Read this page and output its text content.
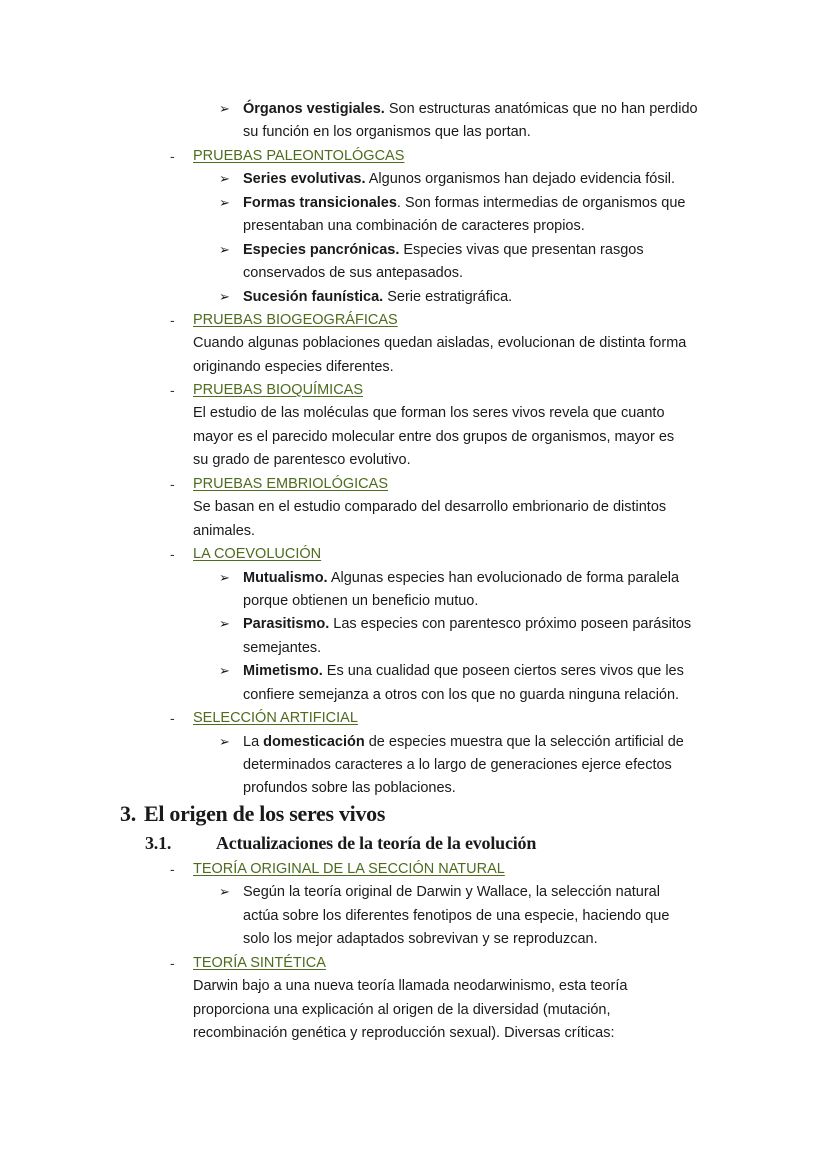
➢ Órganos vestigiales. Son estructuras anatómicas que no han perdido
su función en los organismos que las portan.
- PRUEBAS PALEONTOLÓGCAS
➢ Series evolutivas. Algunos organismos han dejado evidencia fósil.
➢ Formas transicionales. Son formas intermedias de organismos que
presentaban una combinación de caracteres propios.
➢ Especies pancrónicas. Especies vivas que presentan rasgos
conservados de sus antepasados.
➢ Sucesión faunística. Serie estratigráfica.
- PRUEBAS BIOGEOGRÁFICAS
Cuando algunas poblaciones quedan aisladas, evolucionan de distinta forma
originando especies diferentes.
- PRUEBAS BIOQUÍMICAS
El estudio de las moléculas que forman los seres vivos revela que cuanto
mayor es el parecido molecular entre dos grupos de organismos, mayor es
su grado de parentesco evolutivo.
- PRUEBAS EMBRIOLÓGICAS
Se basan en el estudio comparado del desarrollo embrionario de distintos
animales.
- LA COEVOLUCIÓN
➢ Mutualismo. Algunas especies han evolucionado de forma paralela
porque obtienen un beneficio mutuo.
➢ Parasitismo. Las especies con parentesco próximo poseen parásitos
semejantes.
➢ Mimetismo. Es una cualidad que poseen ciertos seres vivos que les
confiere semejanza a otros con los que no guarda ninguna relación.
- SELECCIÓN ARTIFICIAL
➢ La domesticación de especies muestra que la selección artificial de
determinados caracteres a lo largo de generaciones ejerce efectos
profundos sobre las poblaciones.
3. El origen de los seres vivos
3.1. Actualizaciones de la teoría de la evolución
- TEORÍA ORIGINAL DE LA SECCIÓN NATURAL
➢ Según la teoría original de Darwin y Wallace, la selección natural
actúa sobre los diferentes fenotipos de una especie, haciendo que
solo los mejor adaptados sobrevivan y se reproduzcan.
- TEORÍA SINTÉTICA
Darwin bajo a una nueva teoría llamada neodarwinismo, esta teoría
proporciona una explicación al origen de la diversidad (mutación,
recombinación genética y reproducción sexual). Diversas críticas:
